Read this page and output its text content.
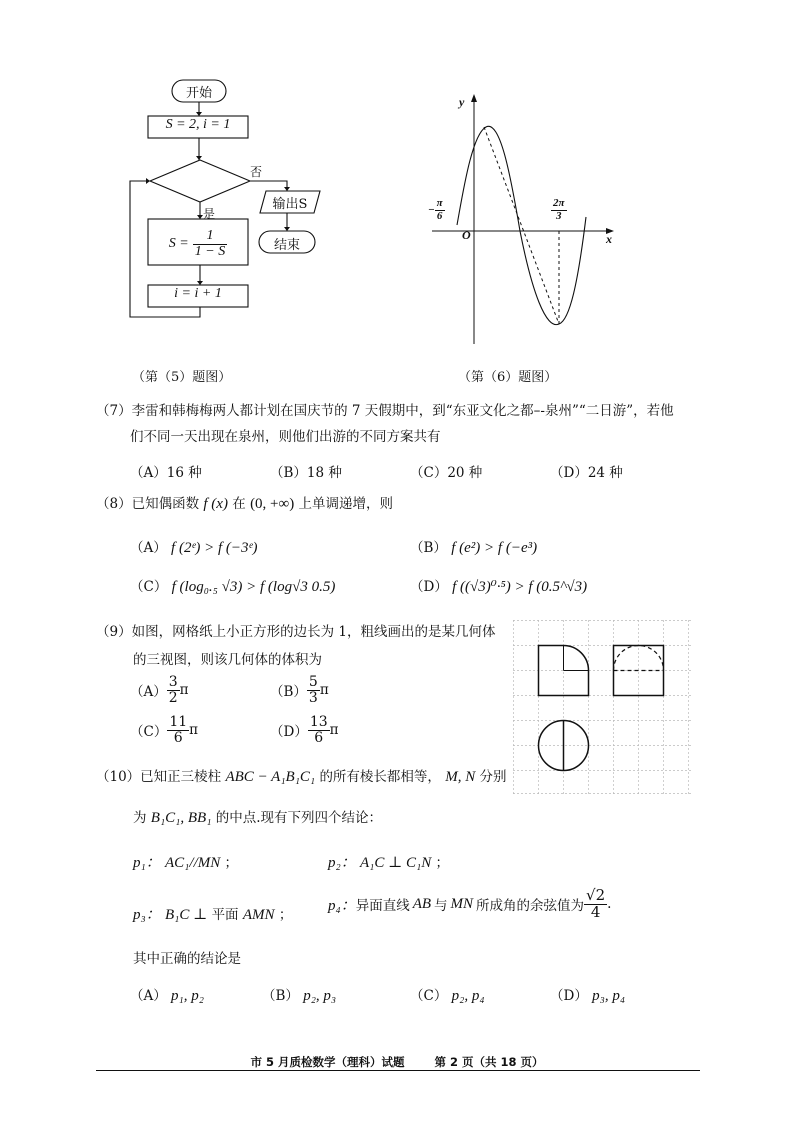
开始
S = 2, i = 1
否
是
输出S
结束
$S = \frac{1}{1 - S}$
i = i + 1
（第（5）题图）
y
x
O
− $\frac{\pi}{6}$	$\frac{2\pi}{3}$
（第（6）题图）
（7）李雷和韩梅梅两人都计划在国庆节的 7 天假期中，到“东亚文化之都–-泉州”“二日游”，若他
们不同一天出现在泉州，则他们出游的不同方案共有
（A）16 种	（B）18 种	（C）20 种	（D）24 种
（8）已知偶函数 f (x) 在 (0, +∞) 上单调递增，则
（A） f (2ᵉ) > f (−3ᵉ)	（B） f (e²) > f (−e³)
（C） f (log₀.₅ √3) > f (log√3 0.5)	（D） f ((√3)⁰·⁵) > f (0.5^√3)
（9）如图，网格纸上小正方形的边长为 1，粗线画出的是某几何体
的三视图，则该几何体的体积为
$(A) \frac{3}{2}$ π	$(B) \frac{5}{3}$ π
$(C) \frac{11}{6}$ π	$(D) \frac{13}{6}$ π
（10）已知正三棱柱 ABC − A₁B₁C₁ 的所有棱长都相等， M, N 分别
为 B₁C₁, BB₁ 的中点.现有下列四个结论：
p₁： AC₁//MN ；	p₂： A₁C ⊥ C₁N ；
p₃： B₁C ⊥ 平面 AMN ；
p₄： 异面直线 AB 与 MN 所成角的余弦值为 $\frac{√2}{4}$ .
其中正确的结论是
（A） p₁, p₂	（B） p₂, p₃	（C） p₂, p₄	（D） p₃, p₄
市 5 月质检数学（理科）试题	第 2 页（共 18 页）
